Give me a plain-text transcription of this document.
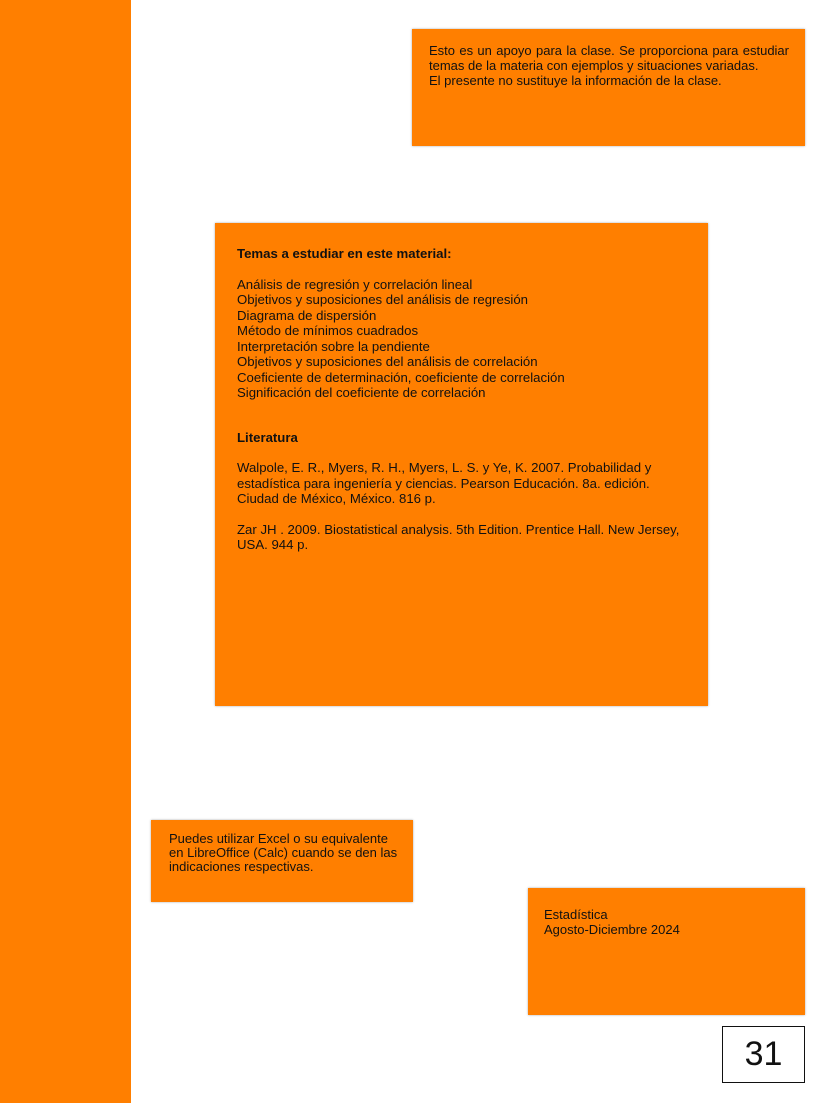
Esto es un apoyo para la clase. Se proporciona para estudiar temas de la materia con ejemplos y situaciones variadas.
El presente no sustituye la información de la clase.
Temas a estudiar en este material:
Análisis de regresión y correlación lineal
Objetivos y suposiciones del análisis de regresión
Diagrama de dispersión
Método de mínimos cuadrados
Interpretación sobre la pendiente
Objetivos y suposiciones del análisis de correlación
Coeficiente de determinación, coeficiente de correlación
Significación del coeficiente de correlación
Literatura

Walpole, E. R., Myers, R. H., Myers, L. S. y Ye, K. 2007. Probabilidad y estadística para ingeniería y ciencias. Pearson Educación. 8a. edición. Ciudad de México, México. 816 p.

Zar JH . 2009. Biostatistical analysis. 5th Edition. Prentice Hall. New Jersey, USA. 944 p.

Puedes utilizar Excel o su equivalente en LibreOffice (Calc) cuando se den las indicaciones respectivas.
Estadística
Agosto-Diciembre 2024
31
